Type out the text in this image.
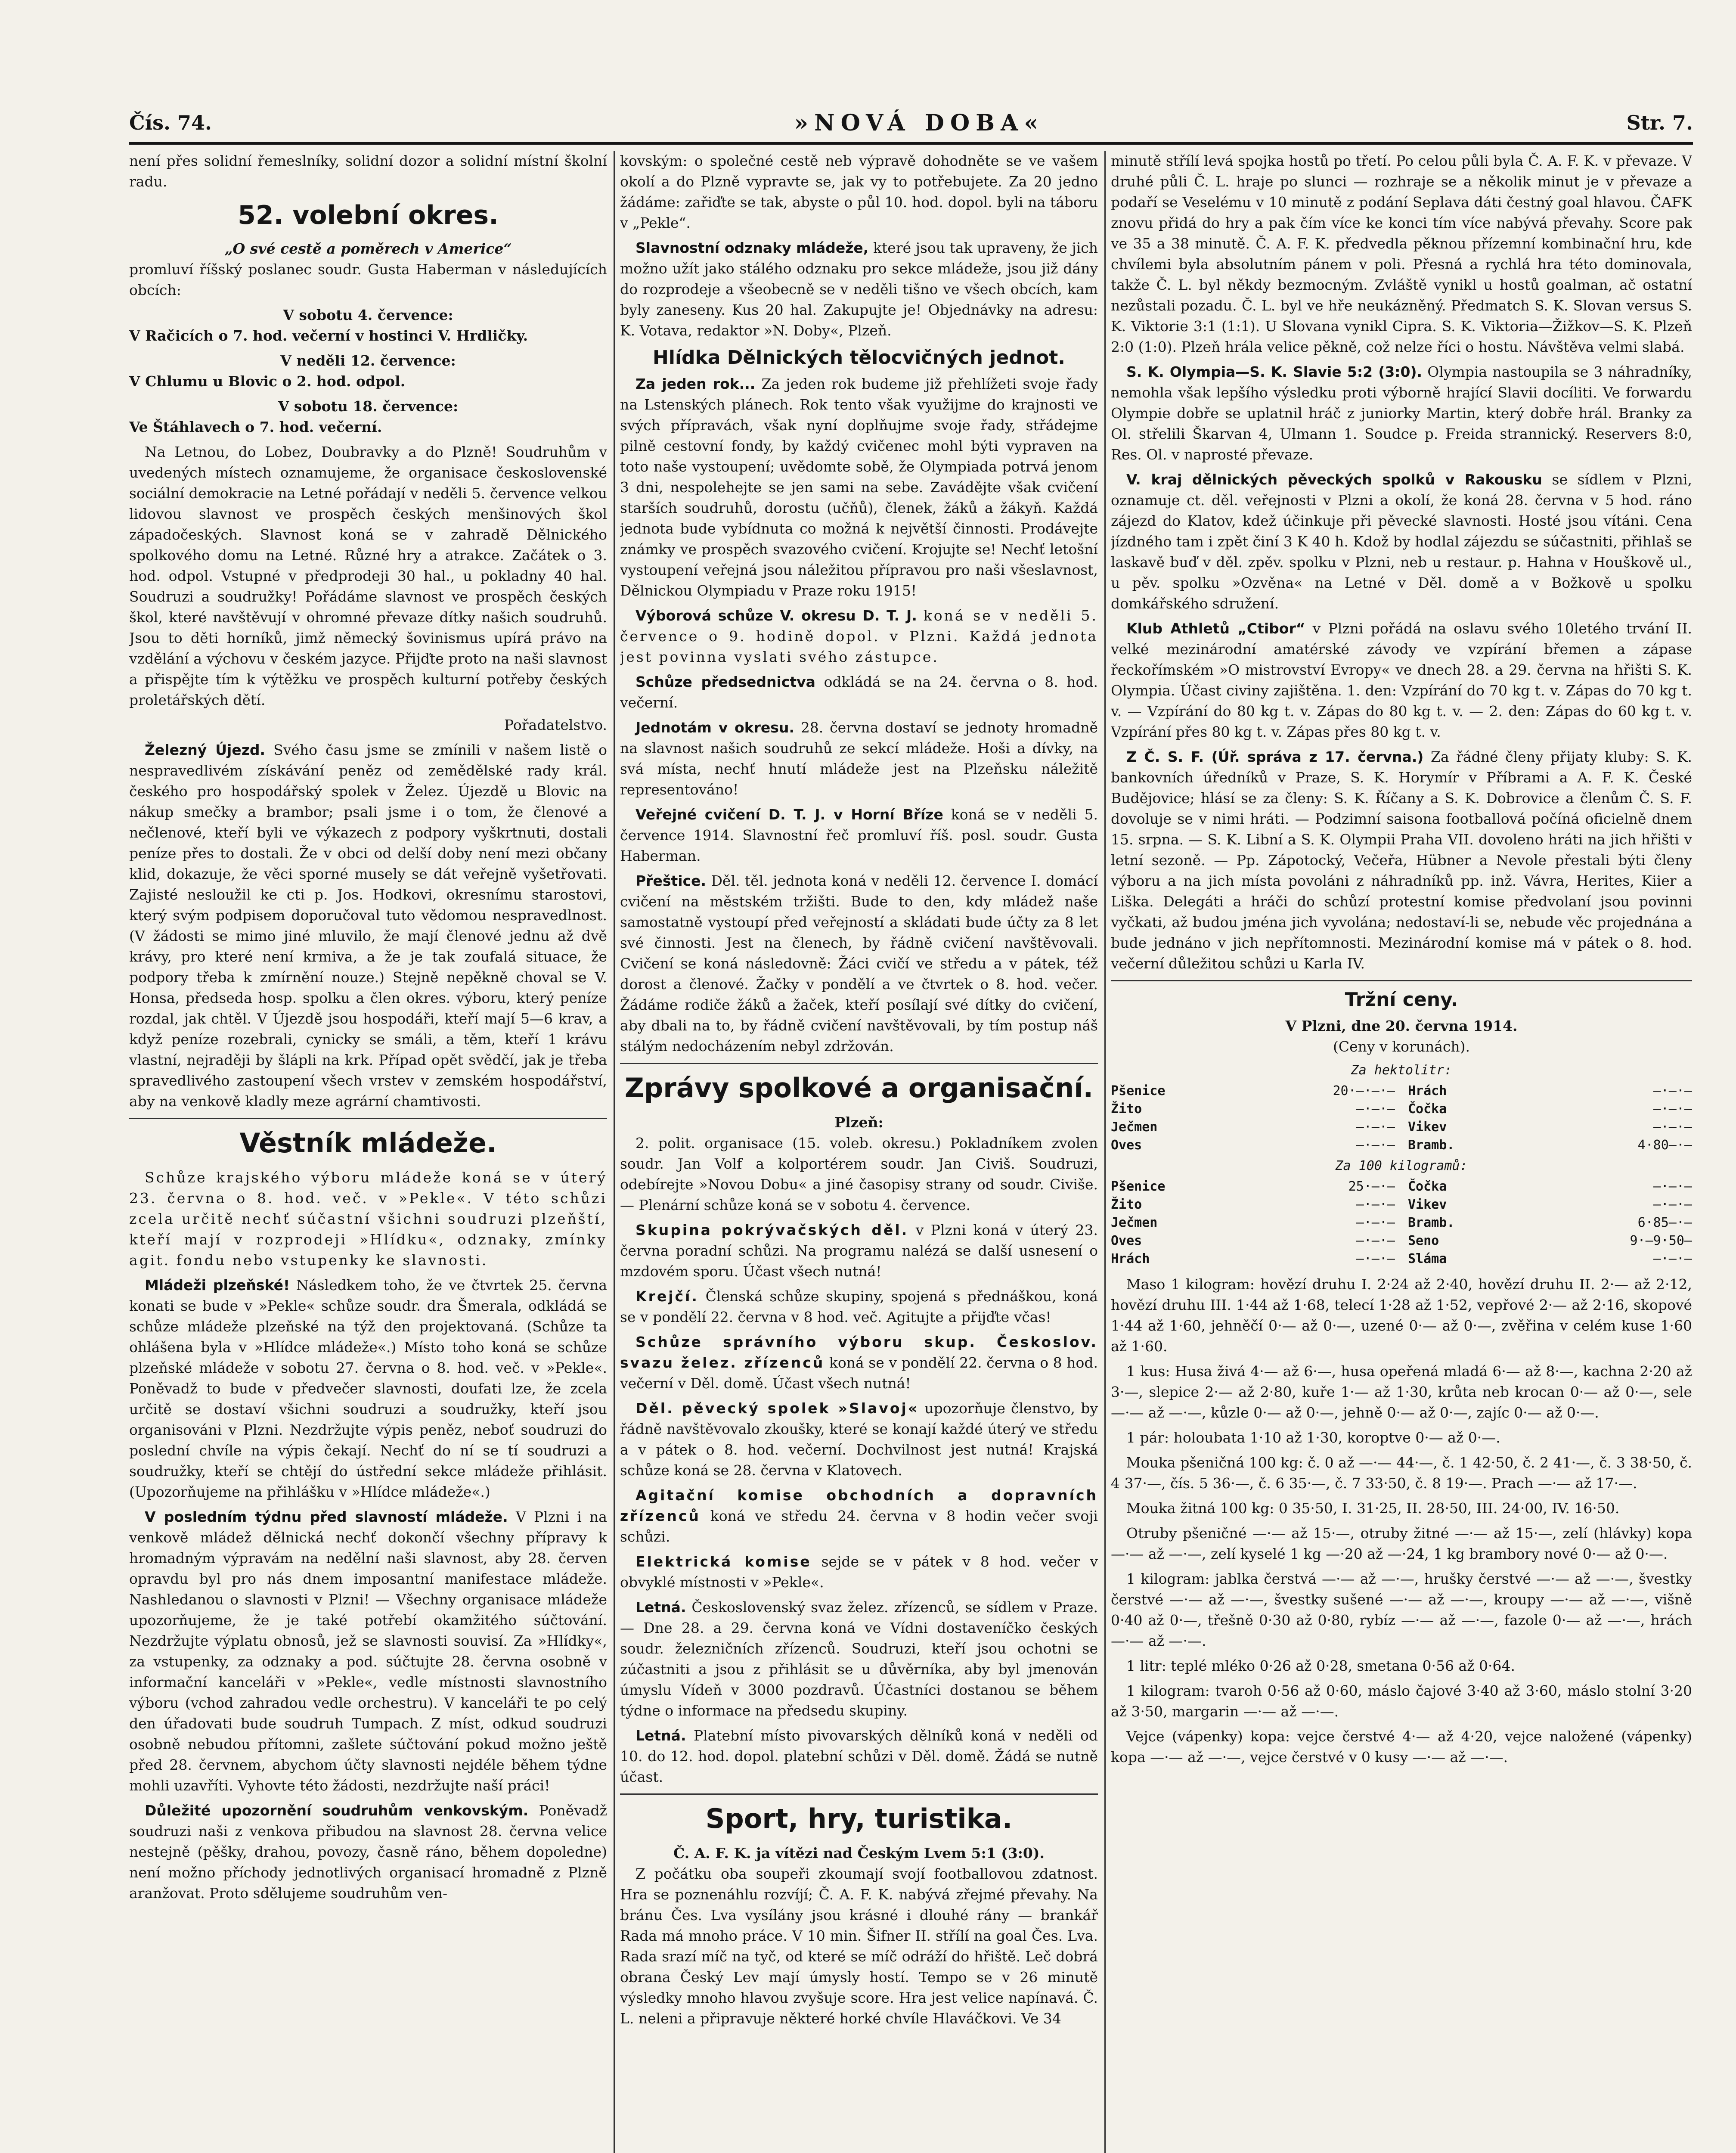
Čís. 74.	»NOVÁ DOBA«	Str. 7.

není přes solidní řemeslníky, solidní dozor a solidní místní školní radu.

52. volební okres.
„O své cestě a poměrech v Americe“

promluví říšský poslanec soudr. Gusta Haberman v následujících obcích:

V sobotu 4. července:

V Račicích o 7. hod. večerní v hostinci V. Hrdličky.

V neděli 12. července:

V Chlumu u Blovic o 2. hod. odpol.

V sobotu 18. července:

Ve Štáhlavech o 7. hod. večerní.

Na Letnou, do Lobez, Doubravky a do Plzně! Soudruhům v uvedených místech oznamujeme, že organisace československé sociální demokracie na Letné pořádají v neděli 5. července velkou lidovou slavnost ve prospěch českých menšinových škol západočeských. Slavnost koná se v zahradě Dělnického spolkového domu na Letné. Různé hry a atrakce. Začátek o 3. hod. odpol. Vstupné v předprodeji 30 hal., u pokladny 40 hal. Soudruzi a soudružky! Pořádáme slavnost ve prospěch českých škol, které navštěvují v ohromné převaze dítky našich soudruhů. Jsou to děti horníků, jimž německý šovinismus upírá právo na vzdělání a výchovu v českém jazyce. Přijďte proto na naši slavnost a přispějte tím k výtěžku ve prospěch kulturní potřeby českých proletářských dětí.

Pořadatelstvo.

Železný Újezd. Svého času jsme se zmínili v našem listě o nespravedlivém získávání peněz od zemědělské rady král. českého pro hospodářský spolek v Želez. Újezdě u Blovic na nákup smečky a brambor; psali jsme i o tom, že členové a nečlenové, kteří byli ve výkazech z podpory vyškrtnuti, dostali peníze přes to dostali. Že v obci od delší doby není mezi občany klid, dokazuje, že věci sporné musely se dát veřejně vyšetřovati. Zajisté nesloužil ke cti p. Jos. Hodkovi, okresnímu starostovi, který svým podpisem doporučoval tuto vědomou nespravedlnost. (V žádosti se mimo jiné mluvilo, že mají členové jednu až dvě krávy, pro které není krmiva, a že je tak zoufalá situace, že podpory třeba k zmírnění nouze.) Stejně nepěkně choval se V. Honsa, předseda hosp. spolku a člen okres. výboru, který peníze rozdal, jak chtěl. V Újezdě jsou hospodáři, kteří mají 5—6 krav, a když peníze rozebrali, cynicky se smáli, a těm, kteří 1 krávu vlastní, nejraději by šlápli na krk. Případ opět svědčí, jak je třeba spravedlivého zastoupení všech vrstev v zemském hospodářství, aby na venkově kladly meze agrární chamtivosti.

Věstník mládeže.

Schůze krajského výboru mládeže koná se v úterý 23. června o 8. hod. več. v »Pekle«. V této schůzi zcela určitě nechť súčastní všichni soudruzi plzeňští, kteří mají v rozprodeji »Hlídku«, odznaky, zmínky agit. fondu nebo vstupenky ke slavnosti.

Mládeži plzeňské! Následkem toho, že ve čtvrtek 25. června konati se bude v »Pekle« schůze soudr. dra Šmerala, odkládá se schůze mládeže plzeňské na týž den projektovaná. (Schůze ta ohlášena byla v »Hlídce mládeže«.) Místo toho koná se schůze plzeňské mládeže v sobotu 27. června o 8. hod. več. v »Pekle«. Poněvadž to bude v předvečer slavnosti, doufati lze, že zcela určitě se dostaví všichni soudruzi a soudružky, kteří jsou organisováni v Plzni. Nezdržujte výpis peněz, neboť soudruzi do poslední chvíle na výpis čekají. Nechť do ní se tí soudruzi a soudružky, kteří se chtějí do ústřední sekce mládeže přihlásit. (Upozorňujeme na přihlášku v »Hlídce mládeže«.)

V posledním týdnu před slavností mládeže. V Plzni i na venkově mládež dělnická nechť dokončí všechny přípravy k hromadným výpravám na nedělní naši slavnost, aby 28. červen opravdu byl pro nás dnem imposantní manifestace mládeže. Nashledanou o slavnosti v Plzni! — Všechny organisace mládeže upozorňujeme, že je také potřebí okamžitého súčtování. Nezdržujte výplatu obnosů, jež se slavnosti souvisí. Za »Hlídky«, za vstupenky, za odznaky a pod. súčtujte 28. června osobně v informační kanceláři v »Pekle«, vedle místnosti slavnostního výboru (vchod zahradou vedle orchestru). V kanceláři te po celý den úřadovati bude soudruh Tumpach. Z míst, odkud soudruzi osobně nebudou přítomni, zašlete súčtování pokud možno ještě před 28. červnem, abychom účty slavnosti nejdéle během týdne mohli uzavříti. Vyhovte této žádosti, nezdržujte naší práci!

Důležité upozornění soudruhům venkovským. Poněvadž soudruzi naši z venkova přibudou na slavnost 28. června velice nestejně (pěšky, drahou, povozy, časně ráno, během dopoledne) není možno příchody jednotlivých organisací hromadně z Plzně aranžovat. Proto sdělujeme soudruhům ven-

kovským: o společné cestě neb výpravě dohodněte se ve vašem okolí a do Plzně vypravte se, jak vy to potřebujete. Za 20 jedno žádáme: zařiďte se tak, abyste o půl 10. hod. dopol. byli na táboru v „Pekle“.

Slavnostní odznaky mládeže, které jsou tak upraveny, že jich možno užít jako stálého odznaku pro sekce mládeže, jsou již dány do rozprodeje a všeobecně se v neděli tišno ve všech obcích, kam byly zaneseny. Kus 20 hal. Zakupujte je! Objednávky na adresu: K. Votava, redaktor »N. Doby«, Plzeň.

Hlídka Dělnických tělocvičných jednot.

Za jeden rok... Za jeden rok budeme již přehlížeti svoje řady na Lstenských plánech. Rok tento však využijme do krajnosti ve svých přípravách, však nyní doplňujme svoje řady, střádejme pilně cestovní fondy, by každý cvičenec mohl býti vypraven na toto naše vystoupení; uvědomte sobě, že Olympiada potrvá jenom 3 dni, nespolehejte se jen sami na sebe. Zavádějte však cvičení starších soudruhů, dorostu (učňů), členek, žáků a žákyň. Každá jednota bude vybídnuta co možná k největší činnosti. Prodávejte známky ve prospěch svazového cvičení. Krojujte se! Nechť letošní vystoupení veřejná jsou náležitou přípravou pro naši všeslavnost, Dělnickou Olympiadu v Praze roku 1915!

Výborová schůze V. okresu D. T. J. koná se v neděli 5. července o 9. hodině dopol. v Plzni. Každá jednota jest povinna vyslati svého zástupce.

Schůze předsednictva odkládá se na 24. června o 8. hod. večerní.

Jednotám v okresu. 28. června dostaví se jednoty hromadně na slavnost našich soudruhů ze sekcí mládeže. Hoši a dívky, na svá místa, nechť hnutí mládeže jest na Plzeňsku náležitě representováno!

Veřejné cvičení D. T. J. v Horní Bříze koná se v neděli 5. července 1914. Slavnostní řeč promluví říš. posl. soudr. Gusta Haberman.

Přeštice. Děl. těl. jednota koná v neděli 12. července I. domácí cvičení na městském tržišti. Bude to den, kdy mládež naše samostatně vystoupí před veřejností a skládati bude účty za 8 let své činnosti. Jest na členech, by řádně cvičení navštěvovali. Cvičení se koná následovně: Žáci cvičí ve středu a v pátek, též dorost a členové. Žačky v pondělí a ve čtvrtek o 8. hod. večer. Žádáme rodiče žáků a žaček, kteří posílají své dítky do cvičení, aby dbali na to, by řádně cvičení navštěvovali, by tím postup náš stálým nedocházením nebyl zdržován.

Zprávy spolkové a organisační.
Plzeň:

2. polit. organisace (15. voleb. okresu.) Pokladníkem zvolen soudr. Jan Volf a kolportérem soudr. Jan Civiš. Soudruzi, odebírejte »Novou Dobu« a jiné časopisy strany od soudr. Civiše. — Plenární schůze koná se v sobotu 4. července.

Skupina pokrývačských děl. v Plzni koná v úterý 23. června poradní schůzi. Na programu nalézá se další usnesení o mzdovém sporu. Účast všech nutná!

Krejčí. Členská schůze skupiny, spojená s přednáškou, koná se v pondělí 22. června v 8 hod. več. Agitujte a přijďte včas!

Schůze správního výboru skup. Českoslov. svazu želez. zřízenců koná se v pondělí 22. června o 8 hod. večerní v Děl. domě. Účast všech nutná!

Děl. pěvecký spolek »Slavoj« upozorňuje členstvo, by řádně navštěvovalo zkoušky, které se konají každé úterý ve středu a v pátek o 8. hod. večerní. Dochvilnost jest nutná! Krajská schůze koná se 28. června v Klatovech.

Agitační komise obchodních a dopravních zřízenců koná ve středu 24. června v 8 hodin večer svoji schůzi.

Elektrická komise sejde se v pátek v 8 hod. večer v obvyklé místnosti v »Pekle«.

Letná. Československý svaz želez. zřízenců, se sídlem v Praze. — Dne 28. a 29. června koná ve Vídni dostaveníčko českých soudr. železničních zřízenců. Soudruzi, kteří jsou ochotni se zúčastniti a jsou z přihlásit se u důvěrníka, aby byl jmenován úmyslu Vídeň v 3000 pozdravů. Účastníci dostanou se během týdne o informace na předsedu skupiny.

Letná. Platební místo pivovarských dělníků koná v neděli od 10. do 12. hod. dopol. platební schůzi v Děl. domě. Žádá se nutně účast.

Sport, hry, turistika.
Č. A. F. K. ja vítězi nad Českým Lvem 5:1 (3:0).

Z počátku oba soupeři zkoumají svojí footballovou zdatnost. Hra se poznenáhlu rozvíjí; Č. A. F. K. nabývá zřejmé převahy. Na bránu Čes. Lva vysílány jsou krásné i dlouhé rány — brankář Rada má mnoho práce. V 10 min. Šifner II. střílí na goal Čes. Lva. Rada srazí míč na tyč, od které se míč odráží do hřiště. Leč dobrá obrana Český Lev mají úmysly hostí. Tempo se v 26 minutě výsledky mnoho hlavou zvyšuje score. Hra jest velice napínavá. Č. L. neleni a připravuje některé horké chvíle Hlaváčkovi. Ve 34

minutě střílí levá spojka hostů po třetí. Po celou půli byla Č. A. F. K. v převaze. V druhé půli Č. L. hraje po slunci — rozhraje se a několik minut je v převaze a podaří se Veselému v 10 minutě z podání Seplava dáti čestný goal hlavou. ČAFK znovu přidá do hry a pak čím více ke konci tím více nabývá převahy. Score pak ve 35 a 38 minutě. Č. A. F. K. předvedla pěknou přízemní kombinační hru, kde chvílemi byla absolutním pánem v poli. Přesná a rychlá hra této dominovala, takže Č. L. byl někdy bezmocným. Zvláště vynikl u hostů goalman, ač ostatní nezůstali pozadu. Č. L. byl ve hře neukázněný. Předmatch S. K. Slovan versus S. K. Viktorie 3:1 (1:1). U Slovana vynikl Cipra. S. K. Viktoria—Žižkov—S. K. Plzeň 2:0 (1:0). Plzeň hrála velice pěkně, což nelze říci o hostu. Návštěva velmi slabá.

S. K. Olympia—S. K. Slavie 5:2 (3:0). Olympia nastoupila se 3 náhradníky, nemohla však lepšího výsledku proti výborně hrající Slavii docíliti. Ve forwardu Olympie dobře se uplatnil hráč z juniorky Martin, který dobře hrál. Branky za Ol. střelili Škarvan 4, Ulmann 1. Soudce p. Freida strannický. Reservers 8:0, Res. Ol. v naprosté převaze.

V. kraj dělnických pěveckých spolků v Rakousku se sídlem v Plzni, oznamuje ct. děl. veřejnosti v Plzni a okolí, že koná 28. června v 5 hod. ráno zájezd do Klatov, kdež účinkuje při pěvecké slavnosti. Hosté jsou vítáni. Cena jízdného tam i zpět činí 3 K 40 h. Kdož by hodlal zájezdu se súčastniti, přihlaš se laskavě buď v děl. zpěv. spolku v Plzni, neb u restaur. p. Hahna v Houškově ul., u pěv. spolku »Ozvěna« na Letné v Děl. domě a v Božkově u spolku domkářského sdružení.

Klub Athletů „Ctibor“ v Plzni pořádá na oslavu svého 10letého trvání II. velké mezinárodní amatérské závody ve vzpírání břemen a zápase řeckořímském »O mistrovství Evropy« ve dnech 28. a 29. června na hřišti S. K. Olympia. Účast civiny zajištěna. 1. den: Vzpírání do 70 kg t. v. Zápas do 70 kg t. v. — Vzpírání do 80 kg t. v. Zápas do 80 kg t. v. — 2. den: Zápas do 60 kg t. v. Vzpírání přes 80 kg t. v. Zápas přes 80 kg t. v.

Z Č. S. F. (Úř. správa z 17. června.) Za řádné členy přijaty kluby: S. K. bankovních úředníků v Praze, S. K. Horymír v Příbrami a A. F. K. České Budějovice; hlásí se za členy: S. K. Říčany a S. K. Dobrovice a členům Č. S. F. dovoluje se v nimi hráti. — Podzimní saisona footballová počíná oficielně dnem 15. srpna. — S. K. Libní a S. K. Olympii Praha VII. dovoleno hráti na jich hřišti v letní sezoně. — Pp. Zápotocký, Večeřa, Hübner a Nevole přestali býti členy výboru a na jich místa povoláni z náhradníků pp. inž. Vávra, Herites, Kiier a Liška. Delegáti a hráči do schůzí protestní komise předvolaní jsou povinni vyčkati, až budou jména jich vyvolána; nedostaví-li se, nebude věc projednána a bude jednáno v jich nepřítomnosti. Mezinárodní komise má v pátek o 8. hod. večerní důležitou schůzi u Karla IV.

Tržní ceny.
V Plzni, dne 20. června 1914.
(Ceny v korunách).
Za hektolitr:
Pšenice	20·—·—·— Hrách	—·—·—
Žito	—·—·— Čočka	—·—·—
Ječmen	—·—·— Vikev	—·—·—
Oves	—·—·— Bramb.	4·80—·—
Za 100 kilogramů:
Pšenice	25·—·— Čočka	—·—·—
Žito	—·—·— Vikev	—·—·—
Ječmen	—·—·— Bramb.	6·85—·—
Oves	—·—·— Seno	9·—9·50—
Hrách	—·—·— Sláma	—·—·—

Maso 1 kilogram: hovězí druhu I. 2·24 až 2·40, hovězí druhu II. 2·— až 2·12, hovězí druhu III. 1·44 až 1·68, telecí 1·28 až 1·52, vepřové 2·— až 2·16, skopové 1·44 až 1·60, jehněčí 0·— až 0·—, uzené 0·— až 0·—, zvěřina v celém kuse 1·60 až 1·60.

1 kus: Husa živá 4·— až 6·—, husa opeřená mladá 6·— až 8·—, kachna 2·20 až 3·—, slepice 2·— až 2·80, kuře 1·— až 1·30, krůta neb krocan 0·— až 0·—, sele —·— až —·—, kůzle 0·— až 0·—, jehně 0·— až 0·—, zajíc 0·— až 0·—.

1 pár: holoubata 1·10 až 1·30, koroptve 0·— až 0·—.

Mouka pšeničná 100 kg: č. 0 až —·— 44·—, č. 1 42·50, č. 2 41·—, č. 3 38·50, č. 4 37·—, čís. 5 36·—, č. 6 35·—, č. 7 33·50, č. 8 19·—. Prach —·— až 17·—.

Mouka žitná 100 kg: 0 35·50, I. 31·25, II. 28·50, III. 24·00, IV. 16·50.

Otruby pšeničné —·— až 15·—, otruby žitné —·— až 15·—, zelí (hlávky) kopa —·— až —·—, zelí kyselé 1 kg —·20 až —·24, 1 kg brambory nové 0·— až 0·—.

1 kilogram: jablka čerstvá —·— až —·—, hrušky čerstvé —·— až —·—, švestky čerstvé —·— až —·—, švestky sušené —·— až —·—, kroupy —·— až —·—, višně 0·40 až 0·—, třešně 0·30 až 0·80, rybíz —·— až —·—, fazole 0·— až —·—, hrách —·— až —·—.

1 litr: teplé mléko 0·26 až 0·28, smetana 0·56 až 0·64.

1 kilogram: tvaroh 0·56 až 0·60, máslo čajové 3·40 až 3·60, máslo stolní 3·20 až 3·50, margarin —·— až —·—.

Vejce (vápenky) kopa: vejce čerstvé 4·— až 4·20, vejce naložené (vápenky) kopa —·— až —·—, vejce čerstvé v 0 kusy —·— až —·—.
